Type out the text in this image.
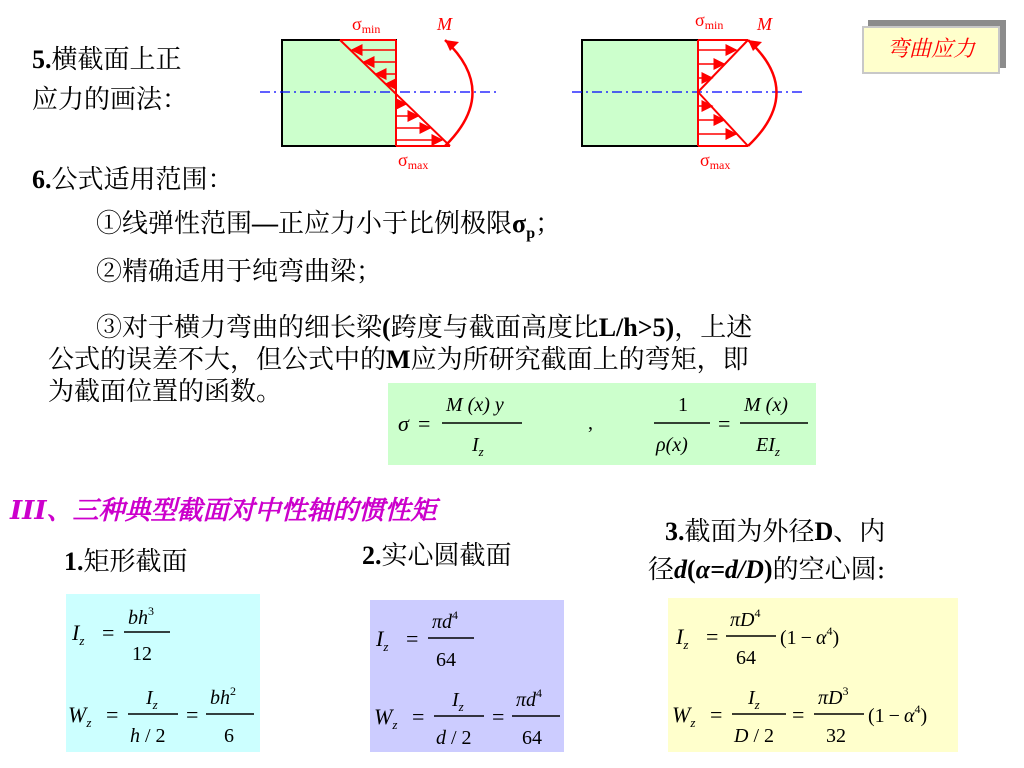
弯曲应力
5.横截面上正
应力的画法：
σmin	M
σmax
σmin M
σmax
6.公式适用范围：
①线弹性范围—正应力小于比例极限$\sigma_p$；
②精确适用于纯弯曲梁；
③对于横力弯曲的细长梁(跨度与截面高度比L/h>5)，上述
公式的误差不大，但公式中的M应为所研究截面上的弯矩，即
为截面位置的函数。
σ =
M (x) y
$I_z$
,
1
ρ(x)
=
M (x)
$EI_z$
III、三种典型截面对中性轴的惯性矩
1.矩形截面
$I_z$ =
$bh^3$
12
$W_z$ =
$I_z$
h / 2
=
$bh^2$
6
2.实心圆截面
$I_z$ =
$\pi d^4$
64
$W_z$ =
$I_z$
d / 2
=
$\pi d^4$
64
3.截面为外径D、内
径d(α=d/D)的空心圆:
$I_z$ =
$\pi D^4$
64
$(1 - \alpha^4)$
$W_z$ =
$I_z$
D / 2
=
$\pi D^3$
32
$(1 - \alpha^4)$
